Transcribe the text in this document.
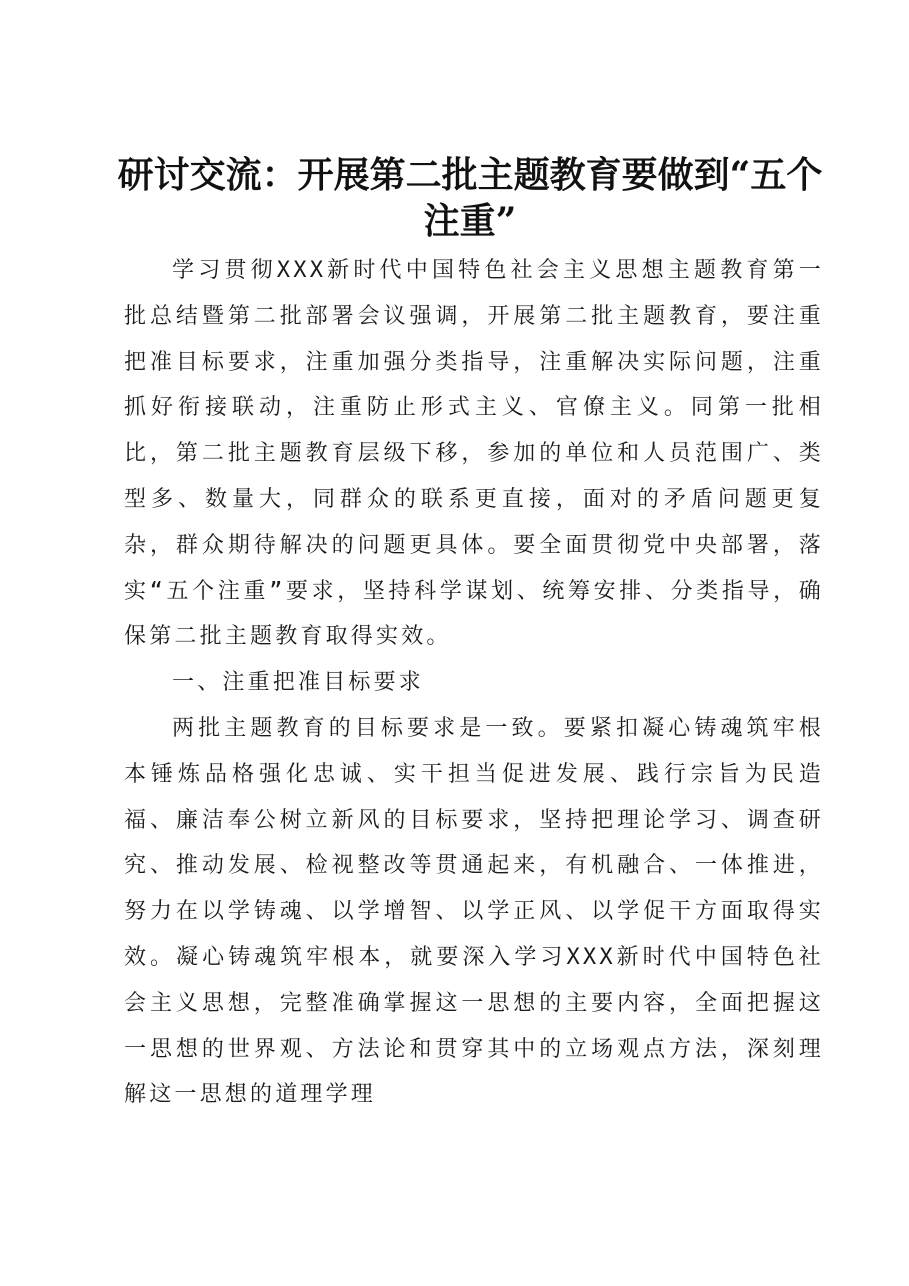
研讨交流：开展第二批主题教育要做到“五个注重”

学习贯彻XXX新时代中国特色社会主义思想主题教育第一批总结暨第二批部署会议强调，开展第二批主题教育，要注重把准目标要求，注重加强分类指导，注重解决实际问题，注重抓好衔接联动，注重防止形式主义、官僚主义。同第一批相比，第二批主题教育层级下移，参加的单位和人员范围广、类型多、数量大，同群众的联系更直接，面对的矛盾问题更复杂，群众期待解决的问题更具体。要全面贯彻党中央部署，落实“五个注重”要求，坚持科学谋划、统筹安排、分类指导，确保第二批主题教育取得实效。

一、注重把准目标要求

两批主题教育的目标要求是一致。要紧扣凝心铸魂筑牢根本锤炼品格强化忠诚、实干担当促进发展、践行宗旨为民造福、廉洁奉公树立新风的目标要求，坚持把理论学习、调查研究、推动发展、检视整改等贯通起来，有机融合、一体推进，努力在以学铸魂、以学增智、以学正风、以学促干方面取得实效。凝心铸魂筑牢根本，就要深入学习XXX新时代中国特色社会主义思想，完整准确掌握这一思想的主要内容，全面把握这一思想的世界观、方法论和贯穿其中的立场观点方法，深刻理解这一思想的道理学理
